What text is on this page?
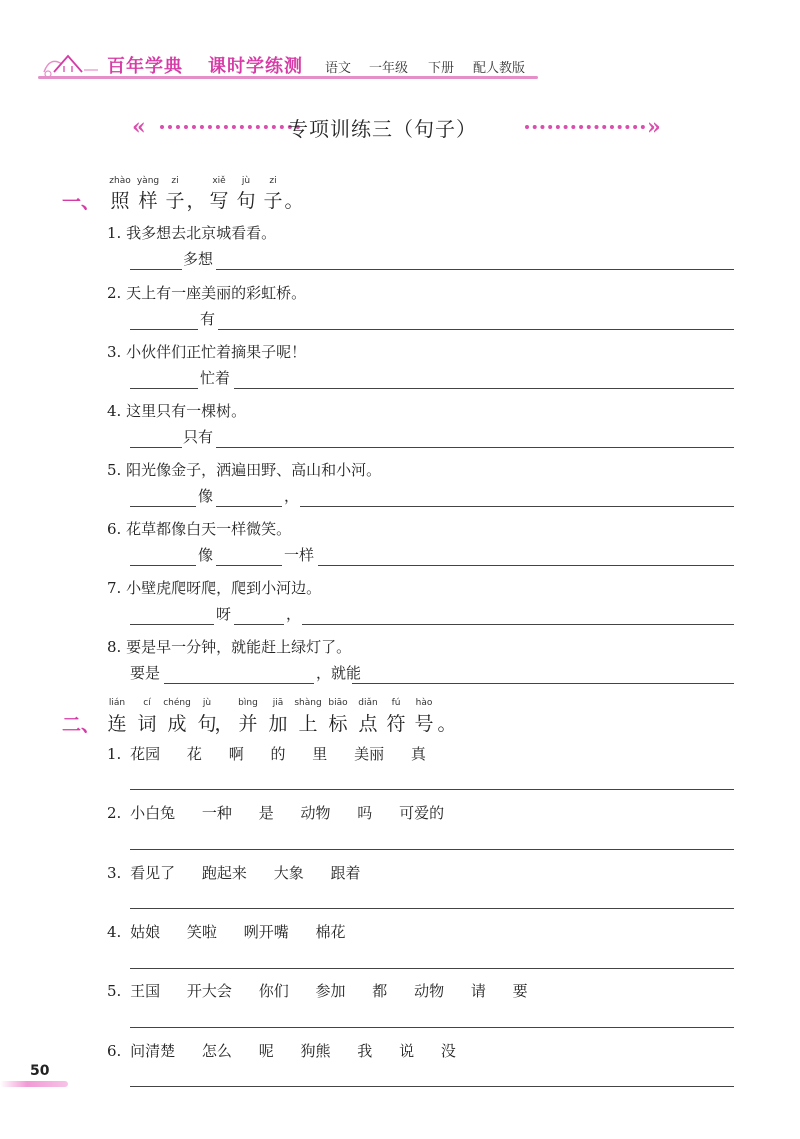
百年学典 课时学练测 语文 一年级 下册 配人教版
«	专项训练三（句子）	»
一、
zhào
照
yàng
样
zi
子 ，
xiě
写
jù
句
zi
子 。
1. 我多想去北京城看看。
多想
2. 天上有一座美丽的彩虹桥。
有
3. 小伙伴们正忙着摘果子呢！
忙着
4. 这里只有一棵树。
只有
5. 阳光像金子，洒遍田野、高山和小河。
像	，
6. 花草都像白天一样微笑。
像	一样
7. 小壁虎爬呀爬，爬到小河边。
呀	，
8. 要是早一分钟，就能赶上绿灯了。
要是	，就能
二、
lián
连
cí
词
chéng
成
jù
句
，
bìng
并
jiā
加
shàng
上
biāo
标
diǎn
点
fú
符
hào
号 。
1. 花园 花 啊 的 里 美丽 真
2. 小白兔 一种 是 动物 吗 可爱的
3. 看见了 跑起来 大象 跟着
4. 姑娘 笑啦 咧开嘴 棉花
5. 王国 开大会 你们 参加 都 动物 请 要
6. 问清楚 怎么 呢 狗熊 我 说 没
50
